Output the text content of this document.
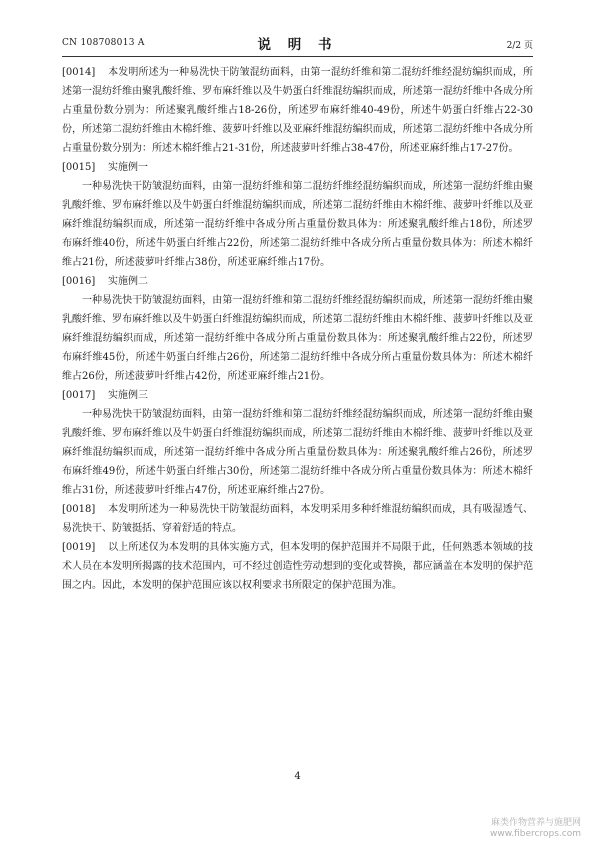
CN 108708013 A	说 明 书	2/2 页

[0014] 本发明所述为一种易洗快干防皱混纺面料，由第一混纺纤维和第二混纺纤维经混纺编织而成，所述第一混纺纤维由聚乳酸纤维、罗布麻纤维以及牛奶蛋白纤维混纺编织而成，所述第一混纺纤维中各成分所占重量份数分别为：所述聚乳酸纤维占18-26份，所述罗布麻纤维40-49份，所述牛奶蛋白纤维占22-30份，所述第二混纺纤维由木棉纤维、菠萝叶纤维以及亚麻纤维混纺编织而成，所述第二混纺纤维中各成分所占重量份数分别为：所述木棉纤维占21-31份，所述菠萝叶纤维占38-47份，所述亚麻纤维占17-27份。

[0015] 实施例一

一种易洗快干防皱混纺面料，由第一混纺纤维和第二混纺纤维经混纺编织而成，所述第一混纺纤维由聚乳酸纤维、罗布麻纤维以及牛奶蛋白纤维混纺编织而成，所述第二混纺纤维由木棉纤维、菠萝叶纤维以及亚麻纤维混纺编织而成，所述第一混纺纤维中各成分所占重量份数具体为：所述聚乳酸纤维占18份，所述罗布麻纤维40份，所述牛奶蛋白纤维占22份，所述第二混纺纤维中各成分所占重量份数具体为：所述木棉纤维占21份，所述菠萝叶纤维占38份，所述亚麻纤维占17份。

[0016] 实施例二

一种易洗快干防皱混纺面料，由第一混纺纤维和第二混纺纤维经混纺编织而成，所述第一混纺纤维由聚乳酸纤维、罗布麻纤维以及牛奶蛋白纤维混纺编织而成，所述第二混纺纤维由木棉纤维、菠萝叶纤维以及亚麻纤维混纺编织而成，所述第一混纺纤维中各成分所占重量份数具体为：所述聚乳酸纤维占22份，所述罗布麻纤维45份，所述牛奶蛋白纤维占26份，所述第二混纺纤维中各成分所占重量份数具体为：所述木棉纤维占26份，所述菠萝叶纤维占42份，所述亚麻纤维占21份。

[0017] 实施例三

一种易洗快干防皱混纺面料，由第一混纺纤维和第二混纺纤维经混纺编织而成，所述第一混纺纤维由聚乳酸纤维、罗布麻纤维以及牛奶蛋白纤维混纺编织而成，所述第二混纺纤维由木棉纤维、菠萝叶纤维以及亚麻纤维混纺编织而成，所述第一混纺纤维中各成分所占重量份数具体为：所述聚乳酸纤维占26份，所述罗布麻纤维49份，所述牛奶蛋白纤维占30份，所述第二混纺纤维中各成分所占重量份数具体为：所述木棉纤维占31份，所述菠萝叶纤维占47份，所述亚麻纤维占27份。

[0018] 本发明所述为一种易洗快干防皱混纺面料，本发明采用多种纤维混纺编织而成，具有吸湿透气、易洗快干、防皱挺括、穿着舒适的特点。

[0019] 以上所述仅为本发明的具体实施方式，但本发明的保护范围并不局限于此，任何熟悉本领域的技术人员在本发明所揭露的技术范围内，可不经过创造性劳动想到的变化或替换，都应涵盖在本发明的保护范围之内。因此，本发明的保护范围应该以权利要求书所限定的保护范围为准。

4
麻类作物营养与施肥网
www.fibercrops.com
